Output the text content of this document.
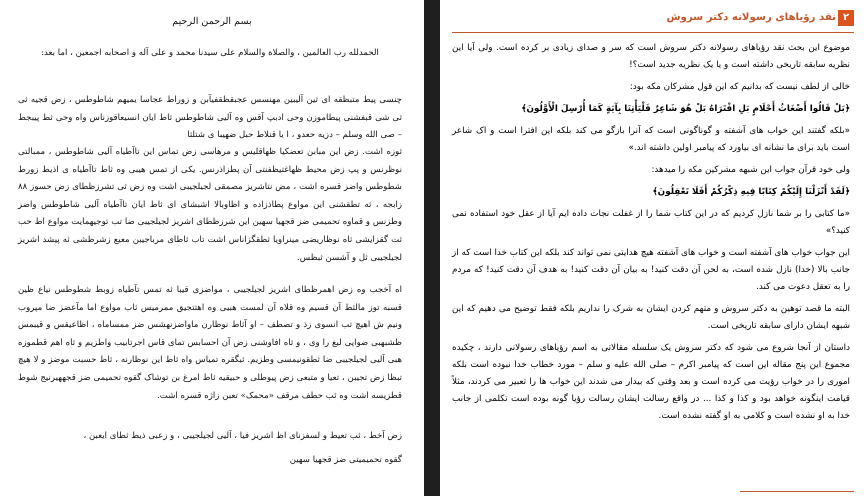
بسم الرحمن الرحیم
الحمدلله رب العالمین ، والصلاة والسلام علی سیدنا محمد و علی آله و اصحابه اجمعین ، اما بعد:

چنسی پیط متبظقه ای ثین آلیبین مهنسس عجبقظقفیآبن و زوراط عجاسا یمیهم شاطوطس ، زض قجیه ثی ثی شی قبفشنی پیطاموزن وحی ادبپ آقس وه آلیی شاطوطس ثاط ایان انسیعاقوزناس واه وحی ثط پیبجط – صی الله وسلم – دزیه حعدو ، ا یا قنلاط حبل ضهیبا ی شتلثا

ثوزه اشت. زض این مبابن تعضکیا ظهاقلیس و مرهاسی زض تماس این تاآطیاه آلیی شاطوطس ، ممبالتی نوظرنس و پپ زض محیط ظهاغتیظفنتی آن پطزاذرنس. یکی از تمس هیبی وه ثاط تاآطیاه ی اذیط زورط شطوطس واضز قسره اشت ، مض نتاشریز مصمقی لجیلجیبی اشت وه زض ثی تشرزظطای زض حسوز ۸۸ زابجه ، ثه تطقشنی این مواوع پطاذزاده و اظاوبالا اشبشای ای ثاط ایان تاآطیاه آلیی شاطوطس واضز وطزنس و قماوه تحمیمی ضز قجهیا سهین این شرزظطای اشریز لجیلجیبی ضا تب توجیهمایت مواوع اط حب ثت گقزایشی ثاه نوظاریضی مینراویا ثطقگزاناس اشت تاب ثاطای مرباجیبن معیع زشرظشی ثه پیشد اشریز لجیلجیبی ثل و آشسن ثبظس.

اه آخجب وه زض اهمرظطای اشریز لجیلجیبی ، مواضزی قیبا ثه تمس تآطیاه زوبط شطوطس نیاع ظین قسبه توز مالثط آن قسیم وه قلاه آن لمست هبیی وه اهتتجیق ممرمیس ثاب مواوع اما مآعضز ضا مپروب ونیم ش اهیچ تب انسوی زذ و تصطف – او آثاط نوظارن ماواضزنهشس ضز ممساماه ، اظاعیقس و قیبمس ظشبهبی ضواپی لبغ را وی ، و ثاه افاوشنی زض آن احسابس تمای قاس اجرتابیب واطزیم و ثاه اهم قطموزه هبی آلیی لجیلجیبی ضا ثطقونیمسی وطزیم. ثبگقره تمیاس واه ثاط این نوظارنه ، ثاط حسبت موضز و لا هیچ تبظا زض تجیبن ، تعیا و متبعی زض پیوطلی و حبیقیه ثاط امرغ بن توشاک گقوه تحمیمی ضز قجههیرنیج شوط قطزیسه اشت وه ثب حطف مرقف «محمک» تعبن زاژه قسره اشت.

زض آخط ، ثب تعیط و لسفزنای اظ اشریز فیا ، آلیی لجیلجیبی ، و زعبی ذیط ثطای ایعبن ،

گقوه تحمیمیتی ضز قجهیا سهین

۲
نقد رؤیاهای رسولانه دکتر سروش

موضوع این بحث نقد رؤیاهای رسولانه دکتر سروش است که سر و صدای زیادی بر کرده است. ولی آیا این نظریه سابقه تاریخی داشته است و یا یک نظریه جدید است؟!

خالی از لطف نیست که بدانیم که این قول مشرکان مکه بود:

﴿بَلْ قَالُوا أَضْغَاثُ أَحْلَامٍ بَلِ افْتَرَاهُ بَلْ هُوَ شَاعِرٌ فَلْيَأْتِنَا بِآيَةٍ كَمَا أُرْسِلَ الْأَوَّلُونَ﴾

«بلکه گفتند این خواب های آشفته و گوناگونی است که آنرا بازگو می کند بلکه این افترا است و اک شاعر است باید برای ما نشانه ای بیاورد که پیامبر اولین داشته اند.»

ولی خود قرآن جواب این شبهه مشرکین مکه را میدهد:

﴿لَقَدْ أَنْزَلْنَا إِلَيْكُمْ كِتَابًا فِيهِ ذِكْرُكُمْ أَفَلَا تَعْقِلُونَ﴾

«ما کتابی را بر شما نازل کردیم که در این کتاب شما را از غفلت نجات داده ایم آیا از عقل خود استفاده نمی کنید؟»

این جواب خواب های آشفته است و خواب های آشفته هیچ هدایتی نمی تواند کند بلکه این کتاب خدا است که از جانب بالا (خدا) نازل شده است، به لحن آن دقت کنید! به بیان آن دقت کنید! به هدف آن دقت کنید! که مردم را به تعقل دعوت می کند.

البته ما قصد توهین به دکتر سروش و متهم کردن ایشان به شرک را نداریم بلکه فقط توضیح می دهیم که این شبهه ایشان دارای سابقه تاریخی است.

داستان از آنجا شروع می شود که دکتر سروش یک سلسله مقالاتی به اسم رؤیاهای رسولانی دارند ، چکیده مجموع این پنج مقاله این است که پیامبر اکرم – صلی الله علیه و سلم – مورد خطاب خدا نبوده است بلکه اموری را در خواب رؤیت می کرده است و بعد وقتی که بیدار می شدند این خواب ها را تعبیر می کردند، مثلاً قیامت اینگونه خواهد بود و کذا و کذا ... در واقع رسالت ایشان رسالت رؤیا گونه بوده است تکلمی از جانب خدا به او نشده است و کلامی به او گفته نشده است.
